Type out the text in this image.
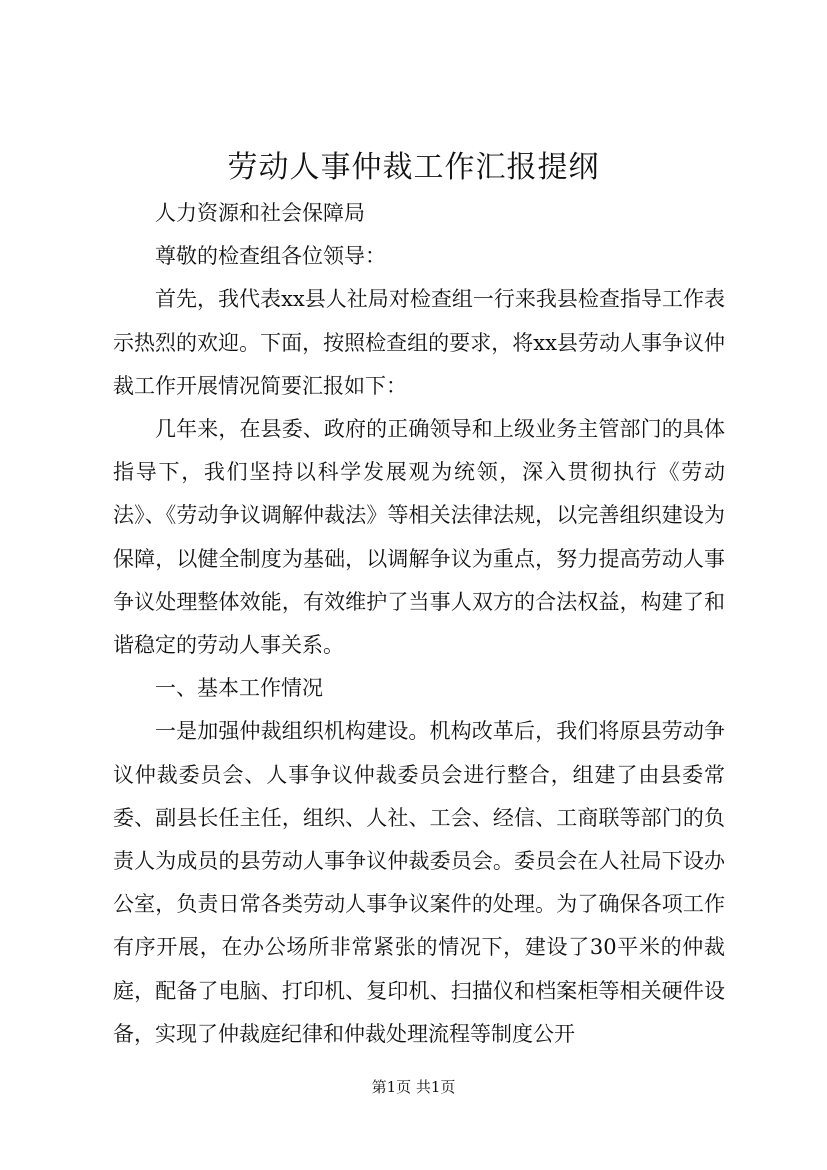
劳动人事仲裁工作汇报提纲

人力资源和社会保障局

尊敬的检查组各位领导：

首先，我代表xx县人社局对检查组一行来我县检查指导工作表示热烈的欢迎。下面，按照检查组的要求，将xx县劳动人事争议仲裁工作开展情况简要汇报如下：

几年来，在县委、政府的正确领导和上级业务主管部门的具体指导下，我们坚持以科学发展观为统领，深入贯彻执行《劳动法》、《劳动争议调解仲裁法》等相关法律法规，以完善组织建设为保障，以健全制度为基础，以调解争议为重点，努力提高劳动人事争议处理整体效能，有效维护了当事人双方的合法权益，构建了和谐稳定的劳动人事关系。

一、基本工作情况

一是加强仲裁组织机构建设。机构改革后，我们将原县劳动争议仲裁委员会、人事争议仲裁委员会进行整合，组建了由县委常委、副县长任主任，组织、人社、工会、经信、工商联等部门的负责人为成员的县劳动人事争议仲裁委员会。委员会在人社局下设办公室，负责日常各类劳动人事争议案件的处理。为了确保各项工作有序开展，在办公场所非常紧张的情况下，建设了30平米的仲裁庭，配备了电脑、打印机、复印机、扫描仪和档案柜等相关硬件设备，实现了仲裁庭纪律和仲裁处理流程等制度公开

第1页 共1页
